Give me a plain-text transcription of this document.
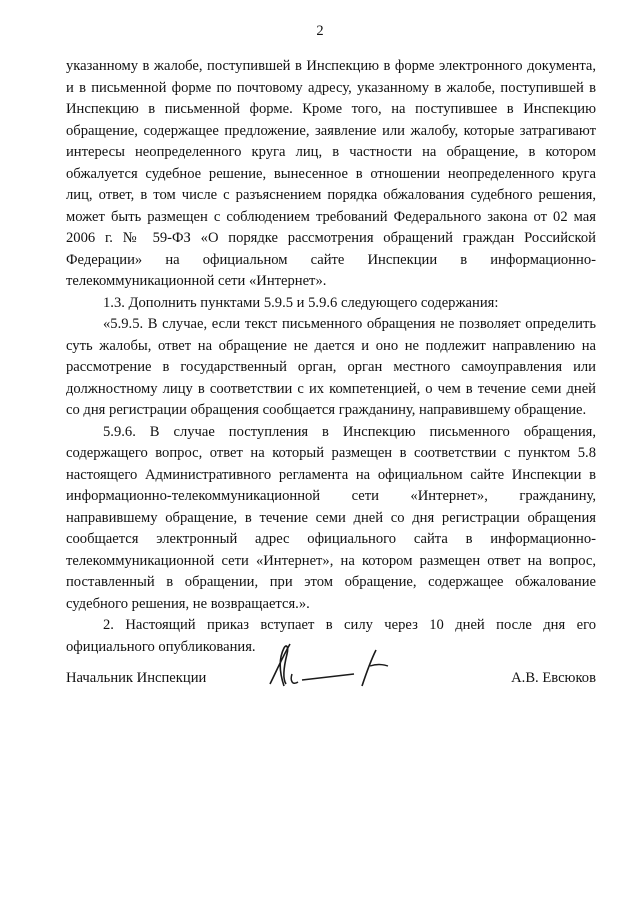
2

указанному в жалобе, поступившей в Инспекцию в форме электронного документа, и в письменной форме по почтовому адресу, указанному в жалобе, поступившей в Инспекцию в письменной форме. Кроме того, на поступившее в Инспекцию обращение, содержащее предложение, заявление или жалобу, которые затрагивают интересы неопределенного круга лиц, в частности на обращение, в котором обжалуется судебное решение, вынесенное в отношении неопределенного круга лиц, ответ, в том числе с разъяснением порядка обжалования судебного решения, может быть размещен с соблюдением требований Федерального закона от 02 мая 2006 г. № 59-ФЗ «О порядке рассмотрения обращений граждан Российской Федерации» на официальном сайте Инспекции в информационно-телекоммуникационной сети «Интернет».

1.3. Дополнить пунктами 5.9.5 и 5.9.6 следующего содержания:

«5.9.5. В случае, если текст письменного обращения не позволяет определить суть жалобы, ответ на обращение не дается и оно не подлежит направлению на рассмотрение в государственный орган, орган местного самоуправления или должностному лицу в соответствии с их компетенцией, о чем в течение семи дней со дня регистрации обращения сообщается гражданину, направившему обращение.

5.9.6. В случае поступления в Инспекцию письменного обращения, содержащего вопрос, ответ на который размещен в соответствии с пунктом 5.8 настоящего Административного регламента на официальном сайте Инспекции в информационно-телекоммуникационной сети «Интернет», гражданину, направившему обращение, в течение семи дней со дня регистрации обращения сообщается электронный адрес официального сайта в информационно-телекоммуникационной сети «Интернет», на котором размещен ответ на вопрос, поставленный в обращении, при этом обращение, содержащее обжалование судебного решения, не возвращается.».

2. Настоящий приказ вступает в силу через 10 дней после дня его официального опубликования.

Начальник Инспекции	А.В. Евсюков
